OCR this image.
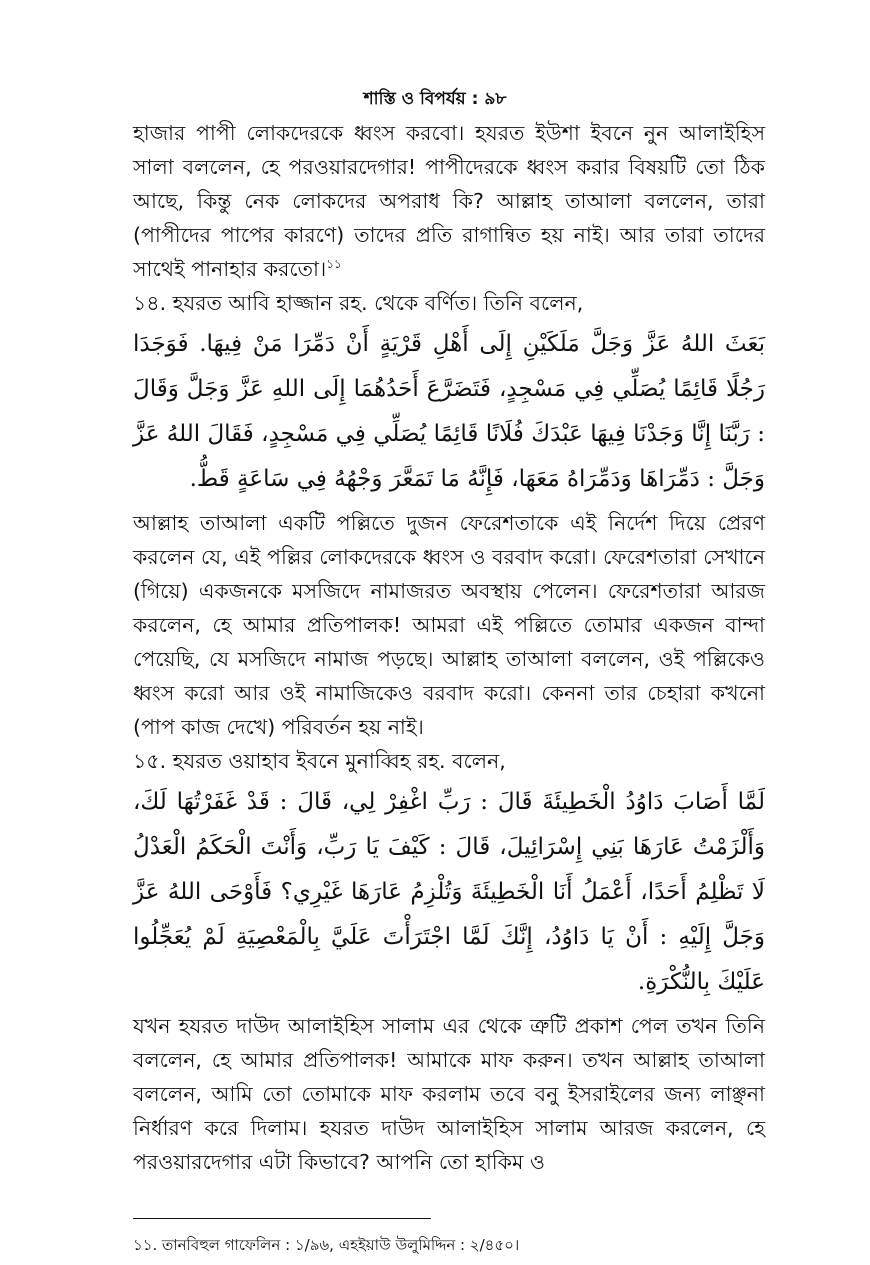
শাস্তি ও বিপর্যয় : ৯৮

হাজার পাপী লোকদেরকে ধ্বংস করবো। হযরত ইউশা ইবনে নুন আলাইহিস সালা বললেন, হে পরওয়ারদেগার! পাপীদেরকে ধ্বংস করার বিষয়টি তো ঠিক আছে, কিন্তু নেক লোকদের অপরাধ কি? আল্লাহ তাআলা বললেন, তারা (পাপীদের পাপের কারণে) তাদের প্রতি রাগান্বিত হয় নাই। আর তারা তাদের সাথেই পানাহার করতো।$^{১১}$

১৪. হযরত আবি হাজ্জান রহ. থেকে বর্ণিত। তিনি বলেন,

بَعَثَ اللهُ عَزَّ وَجَلَّ مَلَكَيْنِ إِلَى أَهْلِ قَرْيَةٍ أَنْ دَمِّرَا مَنْ فِيهَا. فَوَجَدَا رَجُلًا قَائِمًا يُصَلِّي فِي مَسْجِدٍ، فَتَضَرَّعَ أَحَدُهُمَا إِلَى اللهِ عَزَّ وَجَلَّ وَقَالَ : رَبَّنَا إِنَّا وَجَدْنَا فِيهَا عَبْدَكَ فُلَانًا قَائِمًا يُصَلِّي فِي مَسْجِدٍ، فَقَالَ اللهُ عَزَّ وَجَلَّ : دَمِّرَاهَا وَدَمِّرَاهُ مَعَهَا، فَإِنَّهُ مَا تَمَعَّرَ وَجْهُهُ فِي سَاعَةٍ قَطُّ.

আল্লাহ তাআলা একটি পল্লিতে দুজন ফেরেশতাকে এই নির্দেশ দিয়ে প্রেরণ করলেন যে, এই পল্লির লোকদেরকে ধ্বংস ও বরবাদ করো। ফেরেশতারা সেখানে (গিয়ে) একজনকে মসজিদে নামাজরত অবস্থায় পেলেন। ফেরেশতারা আরজ করলেন, হে আমার প্রতিপালক! আমরা এই পল্লিতে তোমার একজন বান্দা পেয়েছি, যে মসজিদে নামাজ পড়ছে। আল্লাহ তাআলা বললেন, ওই পল্লিকেও ধ্বংস করো আর ওই নামাজিকেও বরবাদ করো। কেননা তার চেহারা কখনো (পাপ কাজ দেখে) পরিবর্তন হয় নাই।

১৫. হযরত ওয়াহাব ইবনে মুনাব্বিহ রহ. বলেন,

لَمَّا أَصَابَ دَاوُدُ الْخَطِيئَةَ قَالَ : رَبِّ اغْفِرْ لِي، قَالَ : قَدْ غَفَرْتُهَا لَكَ، وَأَلْزَمْتُ عَارَهَا بَنِي إِسْرَائِيلَ، قَالَ : كَيْفَ يَا رَبِّ، وَأَنْتَ الْحَكَمُ الْعَدْلُ لَا تَظْلِمُ أَحَدًا، أَعْمَلُ أَنَا الْخَطِيئَةَ وَتُلْزِمُ عَارَهَا غَيْرِي؟ فَأَوْحَى اللهُ عَزَّ وَجَلَّ إِلَيْهِ : أَنْ يَا دَاوُدُ، إِنَّكَ لَمَّا اجْتَرَأْتَ عَلَيَّ بِالْمَعْصِيَةِ لَمْ يُعَجِّلُوا عَلَيْكَ بِالنُّكْرَةِ.

যখন হযরত দাউদ আলাইহিস সালাম এর থেকে ত্রুটি প্রকাশ পেল তখন তিনি বললেন, হে আমার প্রতিপালক! আমাকে মাফ করুন। তখন আল্লাহ তাআলা বললেন, আমি তো তোমাকে মাফ করলাম তবে বনু ইসরাইলের জন্য লাঞ্ছনা নির্ধারণ করে দিলাম। হযরত দাউদ আলাইহিস সালাম আরজ করলেন, হে পরওয়ারদেগার এটা কিভাবে? আপনি তো হাকিম ও

১১. তানবিহুল গাফেলিন : ১/৯৬, এহইয়াউ উলুমিদ্দিন : ২/৪৫০।
